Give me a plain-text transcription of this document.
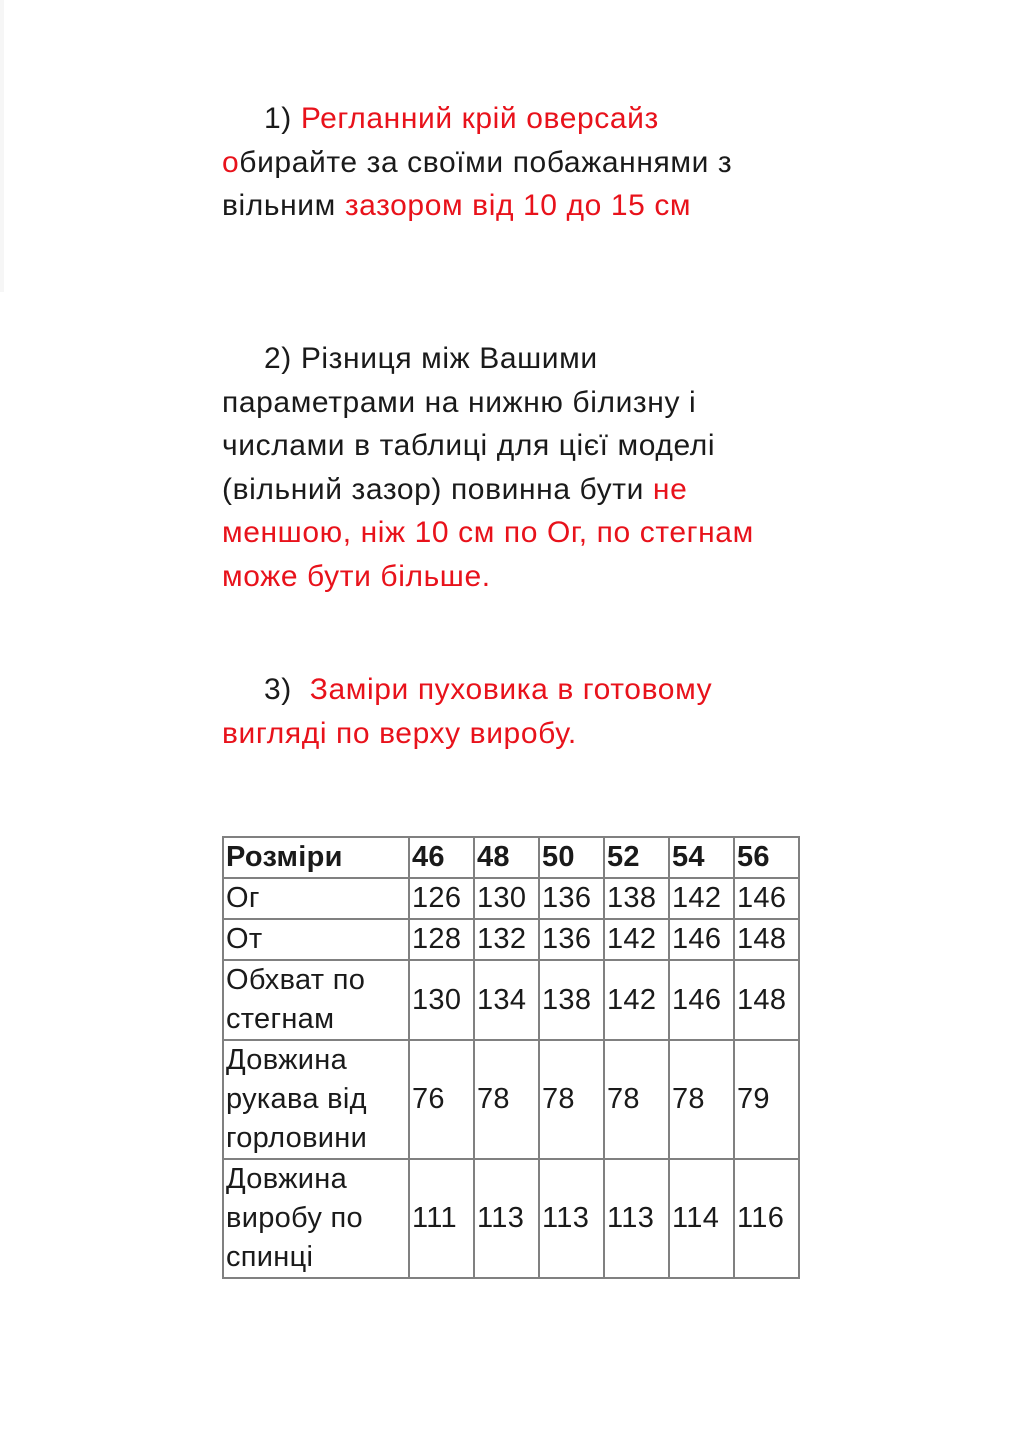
1) Регланний крій оверсайз обирайте за своїми побажаннями з вільним зазором від 10 до 15 см
2) Різниця між Вашими параметрами на нижню білизну і числами в таблиці для цієї моделі (вільний зазор) повинна бути не меншою, ніж 10 см по Ог, по стегнам може бути більше.
3) Заміри пуховика в готовому вигляді по верху виробу.
Розміри	46	48	50	52	54	56
Ог	126	130	136	138	142	146
От	128	132	136	142	146	148
Обхват по стегнам	130	134	138	142	146	148
Довжина рукава від горловини	76	78	78	78	78	79
Довжина виробу по спинці	111	113	113	113	114	116
